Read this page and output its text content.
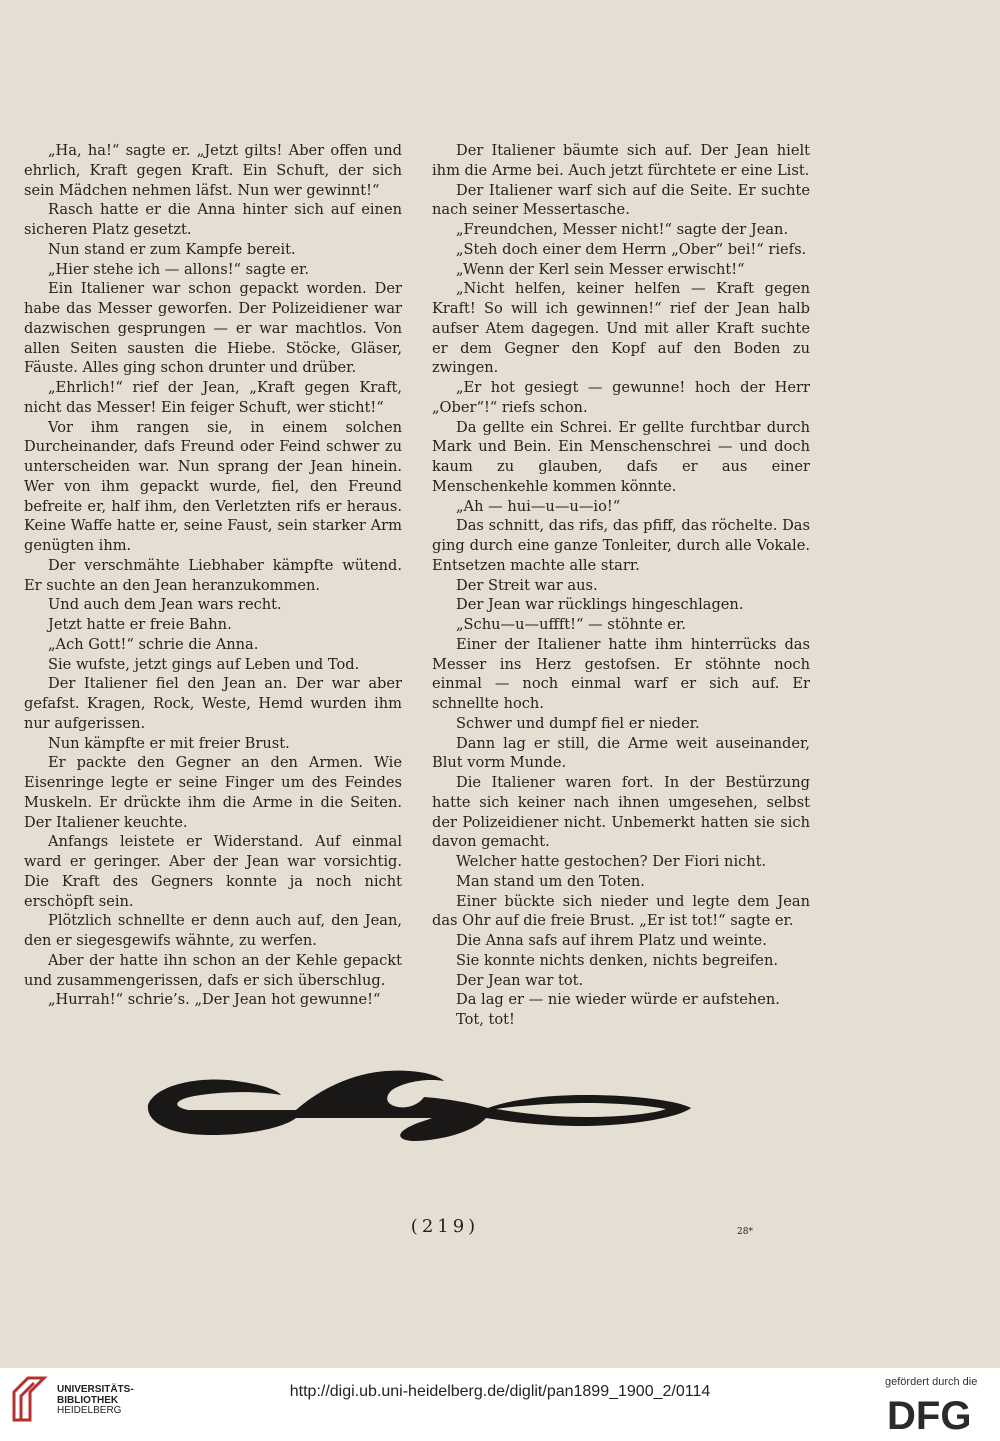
„Ha, ha!“ sagte er. „Jetzt gilts! Aber offen und ehrlich, Kraft gegen Kraft. Ein Schuft, der sich sein Mädchen nehmen läfst. Nun wer gewinnt!“

Rasch hatte er die Anna hinter sich auf einen sicheren Platz gesetzt.

Nun stand er zum Kampfe bereit.

„Hier stehe ich — allons!“ sagte er.

Ein Italiener war schon gepackt worden. Der habe das Messer geworfen. Der Polizeidiener war dazwischen gesprungen — er war machtlos. Von allen Seiten sausten die Hiebe. Stöcke, Gläser, Fäuste. Alles ging schon drunter und drüber.

„Ehrlich!“ rief der Jean, „Kraft gegen Kraft, nicht das Messer! Ein feiger Schuft, wer sticht!“

Vor ihm rangen sie, in einem solchen Durcheinander, dafs Freund oder Feind schwer zu unterscheiden war. Nun sprang der Jean hinein. Wer von ihm gepackt wurde, fiel, den Freund befreite er, half ihm, den Verletzten rifs er heraus. Keine Waffe hatte er, seine Faust, sein starker Arm genügten ihm.

Der verschmähte Liebhaber kämpfte wütend. Er suchte an den Jean heranzukommen.

Und auch dem Jean wars recht.

Jetzt hatte er freie Bahn.

„Ach Gott!“ schrie die Anna.

Sie wufste, jetzt gings auf Leben und Tod.

Der Italiener fiel den Jean an. Der war aber gefafst. Kragen, Rock, Weste, Hemd wurden ihm nur aufgerissen.

Nun kämpfte er mit freier Brust.

Er packte den Gegner an den Armen. Wie Eisenringe legte er seine Finger um des Feindes Muskeln. Er drückte ihm die Arme in die Seiten. Der Italiener keuchte.

Anfangs leistete er Widerstand. Auf einmal ward er geringer. Aber der Jean war vorsichtig. Die Kraft des Gegners konnte ja noch nicht erschöpft sein.

Plötzlich schnellte er denn auch auf, den Jean, den er siegesgewifs wähnte, zu werfen.

Aber der hatte ihn schon an der Kehle gepackt und zusammengerissen, dafs er sich überschlug.

„Hurrah!“ schrie’s. „Der Jean hot gewunne!“

Der Italiener bäumte sich auf. Der Jean hielt ihm die Arme bei. Auch jetzt fürchtete er eine List.

Der Italiener warf sich auf die Seite. Er suchte nach seiner Messertasche.

„Freundchen, Messer nicht!“ sagte der Jean.

„Steh doch einer dem Herrn „Ober“ bei!“ riefs.

„Wenn der Kerl sein Messer erwischt!“

„Nicht helfen, keiner helfen — Kraft gegen Kraft! So will ich gewinnen!“ rief der Jean halb aufser Atem dagegen. Und mit aller Kraft suchte er dem Gegner den Kopf auf den Boden zu zwingen.

„Er hot gesiegt — gewunne! hoch der Herr „Ober“!“ riefs schon.

Da gellte ein Schrei. Er gellte furchtbar durch Mark und Bein. Ein Menschenschrei — und doch kaum zu glauben, dafs er aus einer Menschenkehle kommen könnte.

„Ah — hui—u—u—io!“

Das schnitt, das rifs, das pfiff, das röchelte. Das ging durch eine ganze Tonleiter, durch alle Vokale. Entsetzen machte alle starr.

Der Streit war aus.

Der Jean war rücklings hingeschlagen.

„Schu—u—uffft!“ — stöhnte er.

Einer der Italiener hatte ihm hinterrücks das Messer ins Herz gestofsen. Er stöhnte noch einmal — noch einmal warf er sich auf. Er schnellte hoch.

Schwer und dumpf fiel er nieder.

Dann lag er still, die Arme weit auseinander, Blut vorm Munde.

Die Italiener waren fort. In der Bestürzung hatte sich keiner nach ihnen umgesehen, selbst der Polizeidiener nicht. Unbemerkt hatten sie sich davon gemacht.

Welcher hatte gestochen? Der Fiori nicht.

Man stand um den Toten.

Einer bückte sich nieder und legte dem Jean das Ohr auf die freie Brust. „Er ist tot!“ sagte er.

Die Anna safs auf ihrem Platz und weinte.

Sie konnte nichts denken, nichts begreifen.

Der Jean war tot.

Da lag er — nie wieder würde er aufstehen.

Tot, tot!

(219)	28*
UNIVERSITÄTS-
BIBLIOTHEK
HEIDELBERG
http://digi.ub.uni-heidelberg.de/diglit/pan1899_1900_2/0114
gefördert durch die
DFG
